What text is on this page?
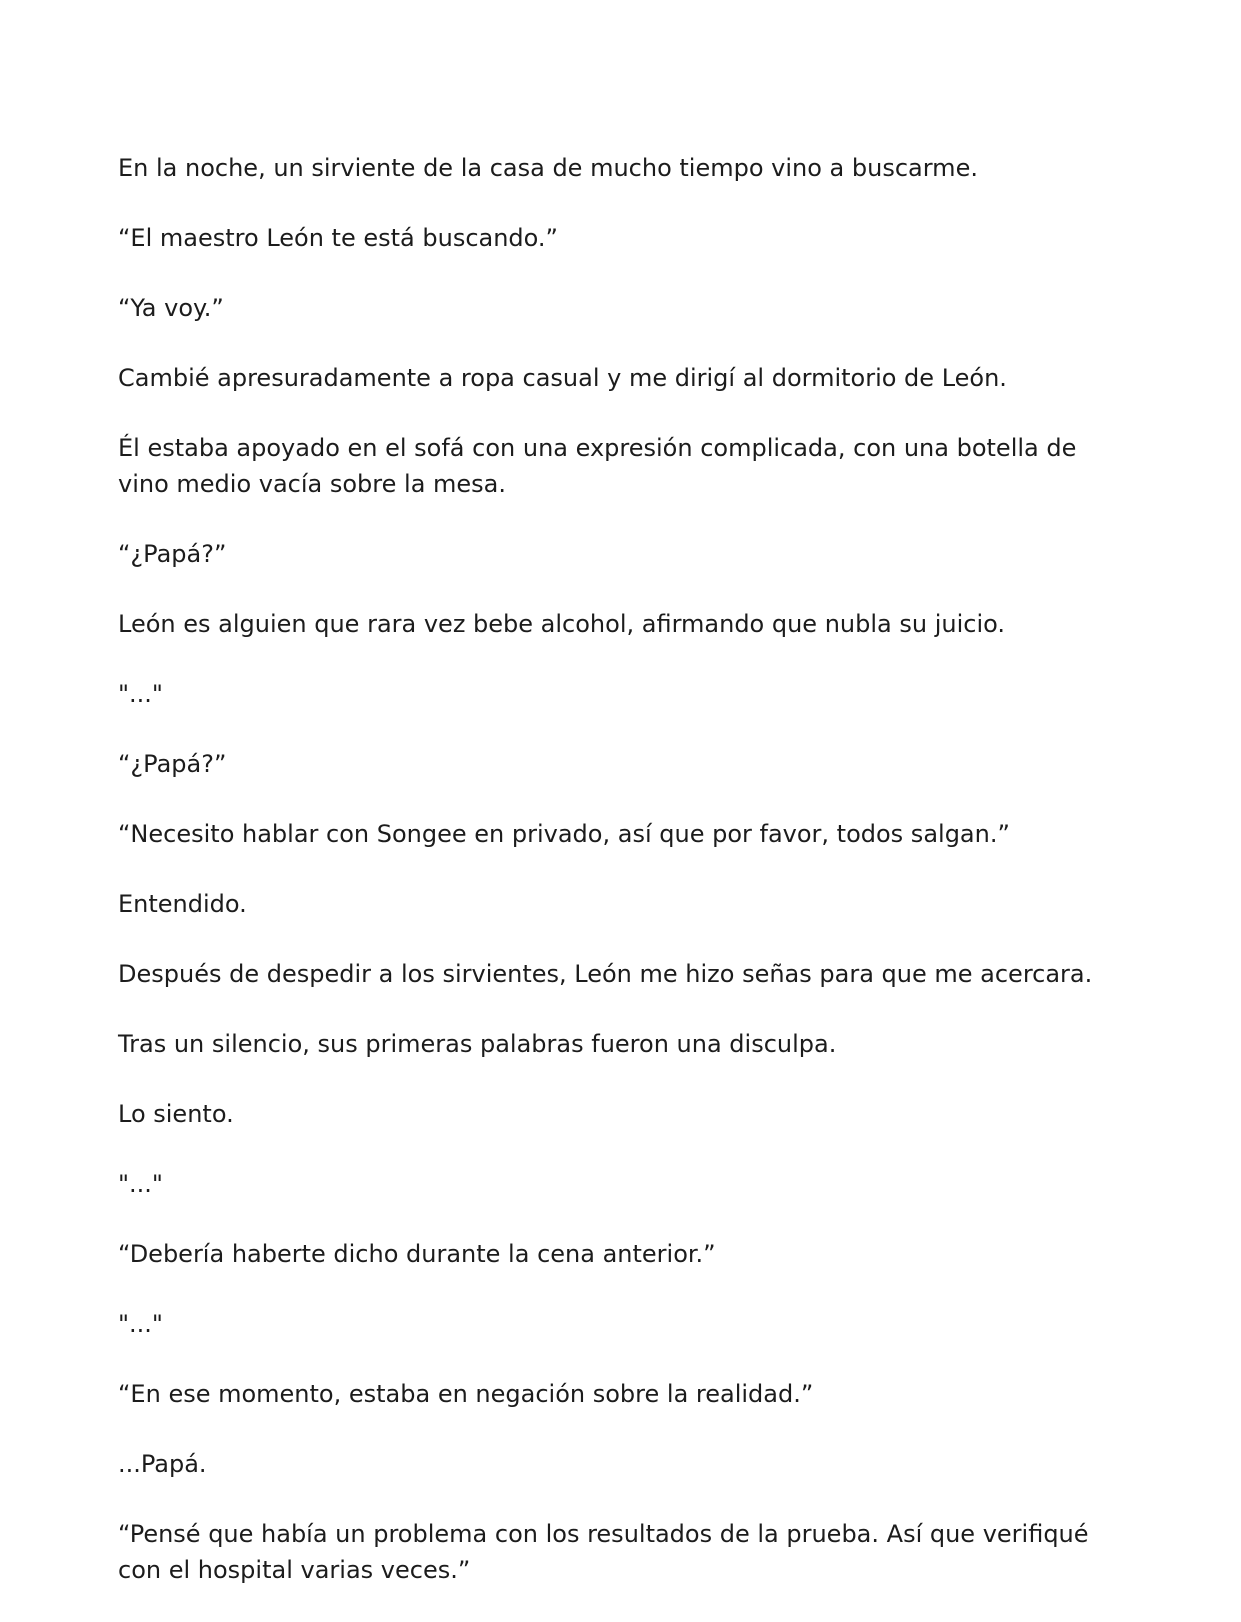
En la noche, un sirviente de la casa de mucho tiempo vino a buscarme.

“El maestro León te está buscando.”

“Ya voy.”

Cambié apresuradamente a ropa casual y me dirigí al dormitorio de León.

Él estaba apoyado en el sofá con una expresión complicada, con una botella de vino medio vacía sobre la mesa.

“¿Papá?”

León es alguien que rara vez bebe alcohol, afirmando que nubla su juicio.

"..."

“¿Papá?”

“Necesito hablar con Songee en privado, así que por favor, todos salgan.”

Entendido.

Después de despedir a los sirvientes, León me hizo señas para que me acercara.

Tras un silencio, sus primeras palabras fueron una disculpa.

Lo siento.

"..."

“Debería haberte dicho durante la cena anterior.”

"..."

“En ese momento, estaba en negación sobre la realidad.”

...Papá.

“Pensé que había un problema con los resultados de la prueba. Así que verifiqué con el hospital varias veces.”
